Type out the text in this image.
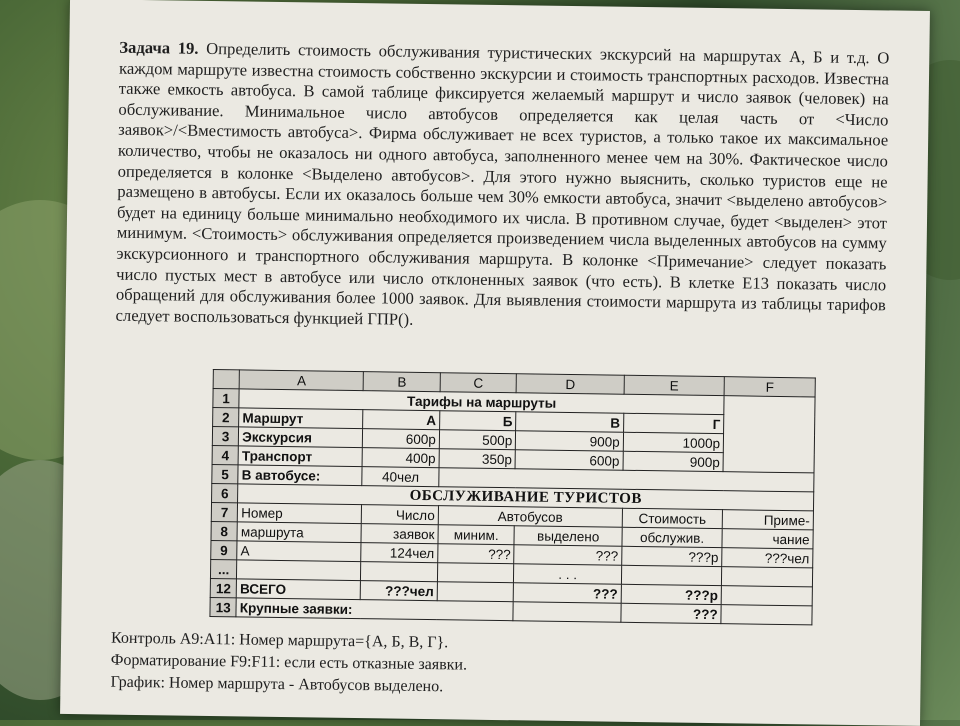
Задача 19. Определить стоимость обслуживания туристических экскурсий на маршрутах А, Б и т.д. О каждом маршруте известна стоимость собственно экскурсии и стоимость транспортных расходов. Известна также емкость автобуса. В самой таблице фиксируется желаемый маршрут и число заявок (человек) на обслуживание. Минимальное число автобусов определяется как целая часть от <Число заявок>/<Вместимость автобуса>. Фирма обслуживает не всех туристов, а только такое их максимальное количество, чтобы не оказалось ни одного автобуса, заполненного менее чем на 30%. Фактическое число определяется в колонке <Выделено автобусов>. Для этого нужно выяснить, сколько туристов еще не размещено в автобусы. Если их оказалось больше чем 30% емкости автобуса, значит <выделено автобусов> будет на единицу больше минимально необходимого их числа. В противном случае, будет <выделен> этот минимум. <Стоимость> обслуживания определяется произведением числа выделенных автобусов на сумму экскурсионного и транспортного обслуживания маршрута. В колонке <Примечание> следует показать число пустых мест в автобусе или число отклоненных заявок (что есть). В клетке Е13 показать число обращений для обслуживания более 1000 заявок. Для выявления стоимости маршрута из таблицы тарифов следует воспользоваться функцией ГПР().

	A	B	C	D	E	F
1	Тарифы на маршруты					
2	Маршрут	А	Б	В	Г	
3	Экскурсия	600р	500р	900р	1000р	
4	Транспорт	400р	350р	600р	900р	
5	В автобусе:	40чел				
6	ОБСЛУЖИВАНИЕ ТУРИСТОВ					
7	Номер	Число	Автобусов		Стоимость	Приме-
8	маршрута	заявок	миним.	выделено	обслужив.	чание
9	А	124чел	???	???	???р	???чел
...				. . .		
12	ВСЕГО	???чел		???	???р	
13	Крупные заявки:				???	
Контроль А9:А11: Номер маршрута={А, Б, В, Г}.
Форматирование F9:F11: если есть отказные заявки.
График: Номер маршрута - Автобусов выделено.
